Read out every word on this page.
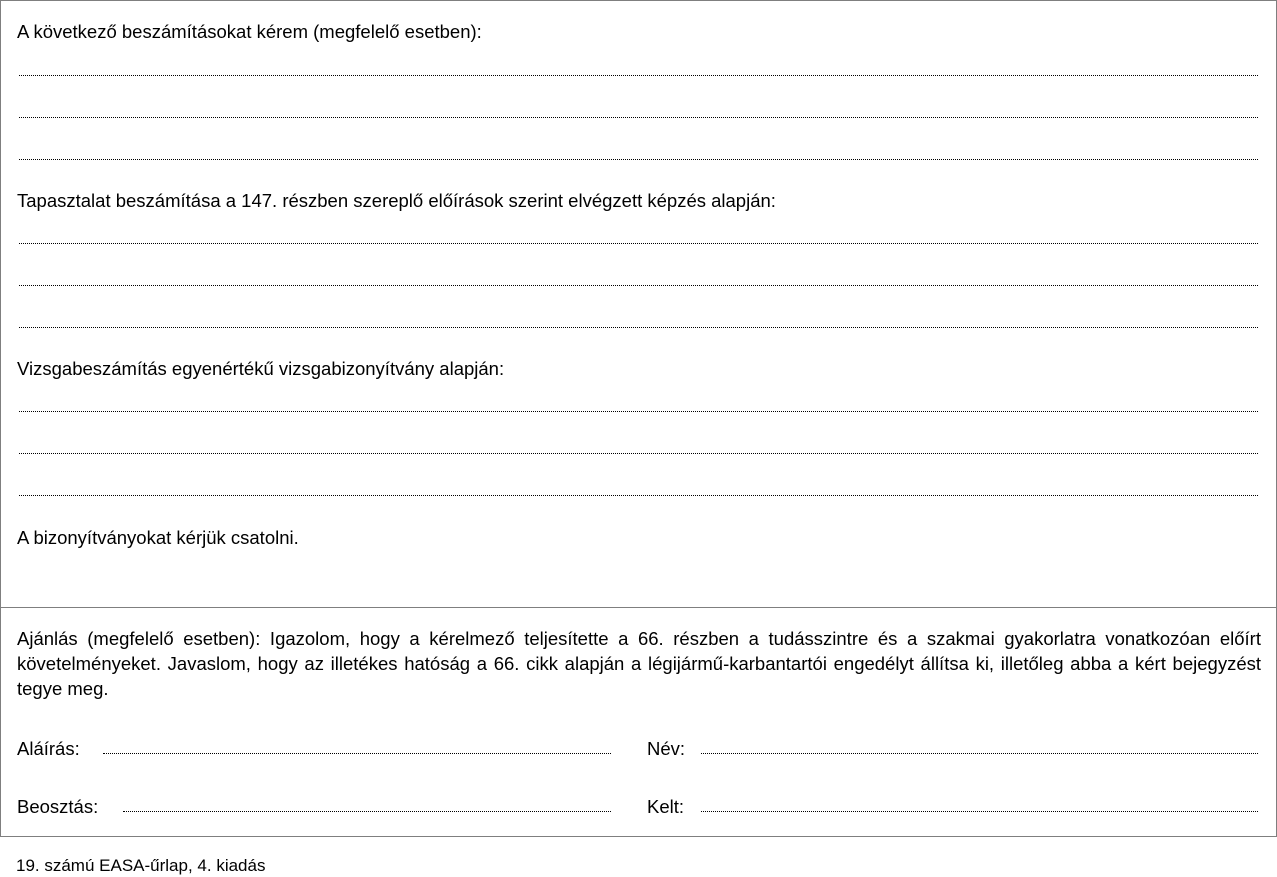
A következő beszámításokat kérem (megfelelő esetben):
Tapasztalat beszámítása a 147. részben szereplő előírások szerint elvégzett képzés alapján:
Vizsgabeszámítás egyenértékű vizsgabizonyítvány alapján:
A bizonyítványokat kérjük csatolni.
Ajánlás (megfelelő esetben): Igazolom, hogy a kérelmező teljesítette a 66. részben a tudásszintre és a szakmai gyakorlatra vonatkozóan előírt követelményeket. Javaslom, hogy az illetékes hatóság a 66. cikk alapján a légijármű-karbantartói engedélyt állítsa ki, illetőleg abba a kért bejegyzést tegye meg.
Aláírás:	Név:
Beosztás:	Kelt:
19. számú EASA-űrlap, 4. kiadás
